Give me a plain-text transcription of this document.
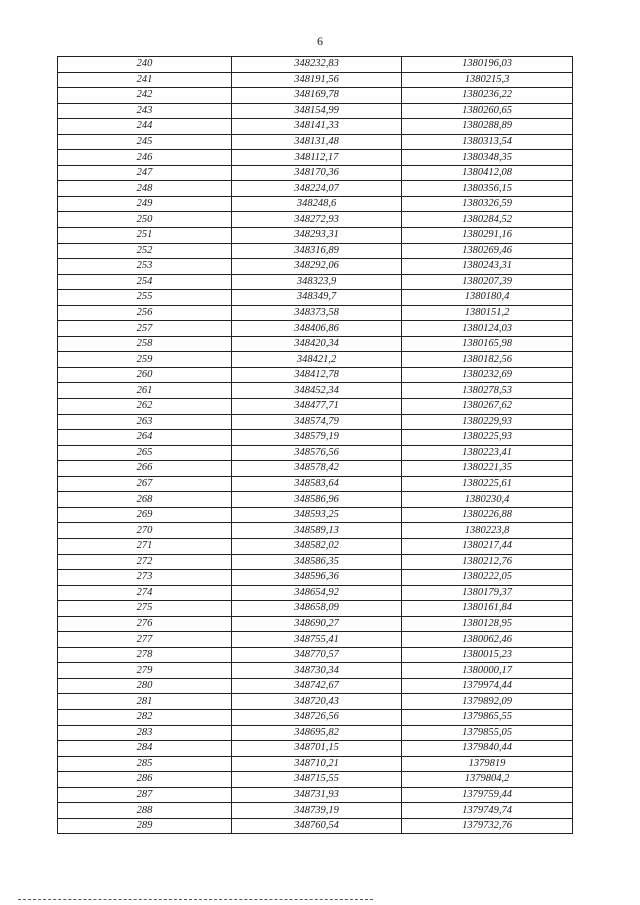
6
240	348232,83	1380196,03
241	348191,56	1380215,3
242	348169,78	1380236,22
243	348154,99	1380260,65
244	348141,33	1380288,89
245	348131,48	1380313,54
246	348112,17	1380348,35
247	348170,36	1380412,08
248	348224,07	1380356,15
249	348248,6	1380326,59
250	348272,93	1380284,52
251	348293,31	1380291,16
252	348316,89	1380269,46
253	348292,06	1380243,31
254	348323,9	1380207,39
255	348349,7	1380180,4
256	348373,58	1380151,2
257	348406,86	1380124,03
258	348420,34	1380165,98
259	348421,2	1380182,56
260	348412,78	1380232,69
261	348452,34	1380278,53
262	348477,71	1380267,62
263	348574,79	1380229,93
264	348579,19	1380225,93
265	348576,56	1380223,41
266	348578,42	1380221,35
267	348583,64	1380225,61
268	348586,96	1380230,4
269	348593,25	1380226,88
270	348589,13	1380223,8
271	348582,02	1380217,44
272	348586,35	1380212,76
273	348596,36	1380222,05
274	348654,92	1380179,37
275	348658,09	1380161,84
276	348690,27	1380128,95
277	348755,41	1380062,46
278	348770,57	1380015,23
279	348730,34	1380000,17
280	348742,67	1379974,44
281	348720,43	1379892,09
282	348726,56	1379865,55
283	348695,82	1379855,05
284	348701,15	1379840,44
285	348710,21	1379819
286	348715,55	1379804,2
287	348731,93	1379759,44
288	348739,19	1379749,74
289	348760,54	1379732,76
